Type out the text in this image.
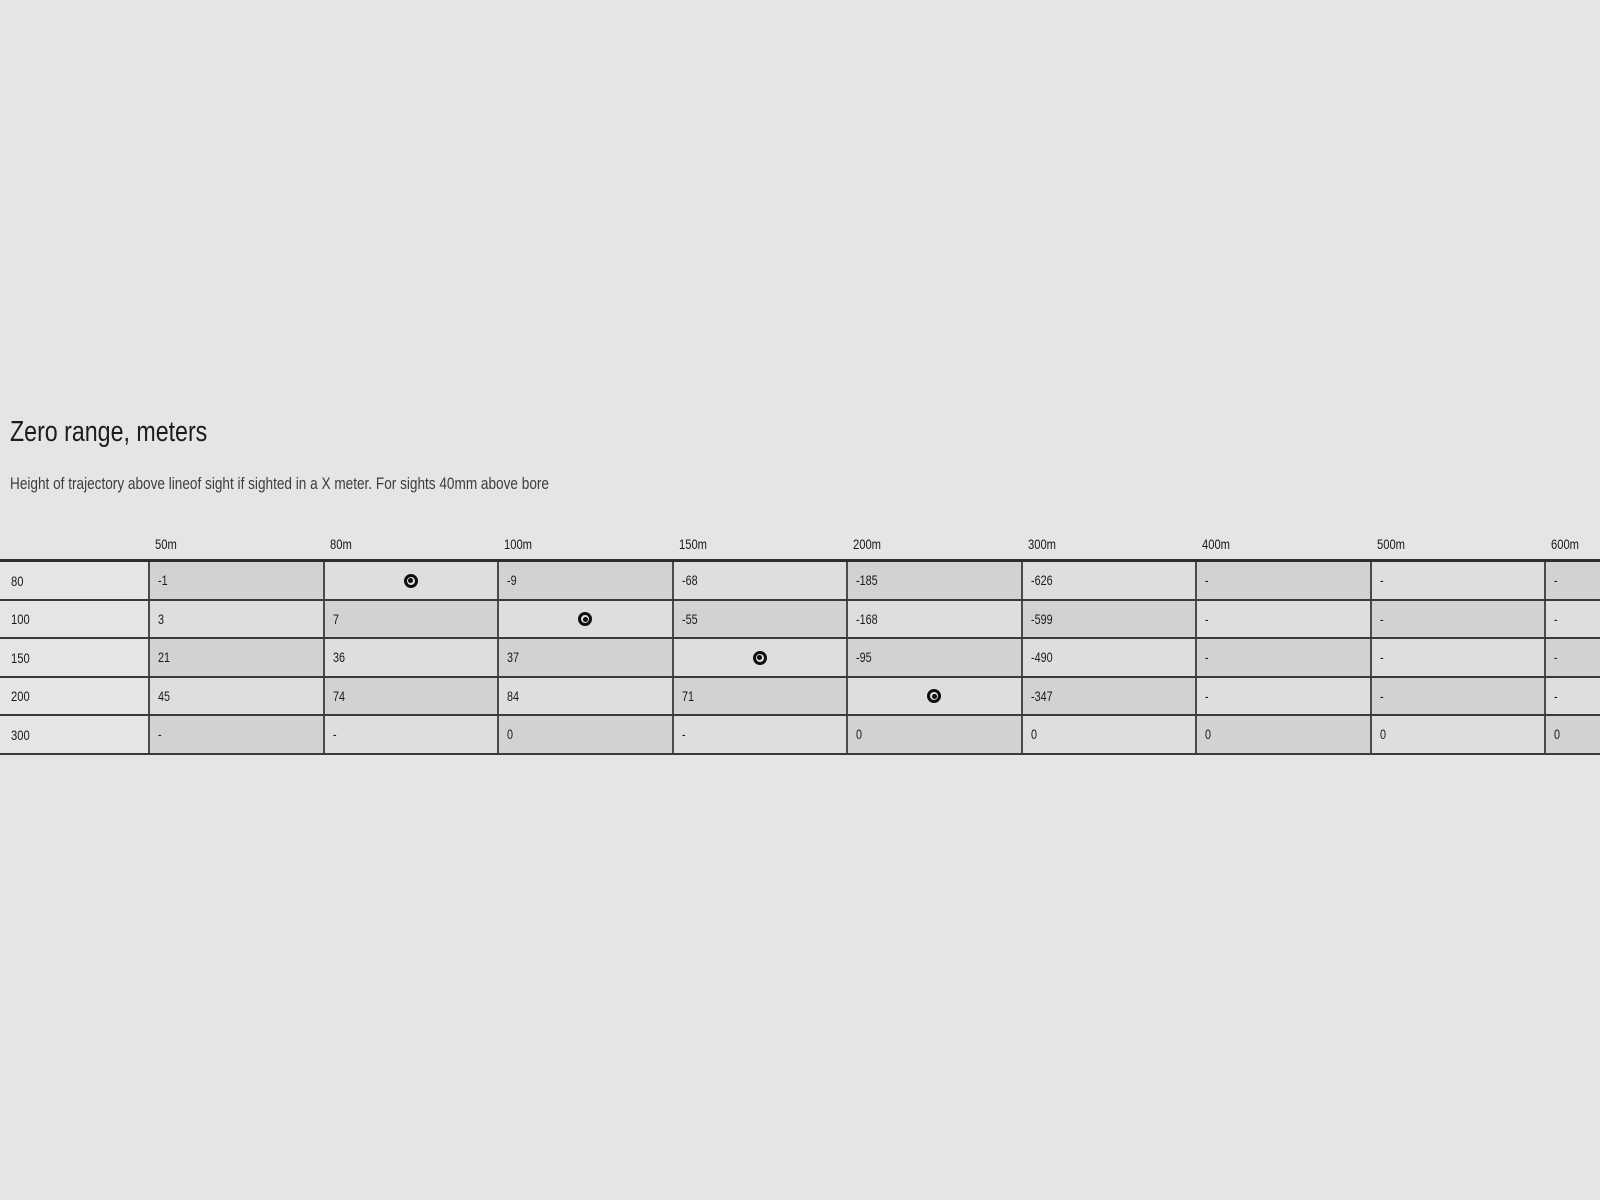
Zero range, meters

Height of trajectory above lineof sight if sighted in a X meter. For sights 40mm above bore

50m	80m	100m	150m	200m	300m	400m	500m	600m
80	-1	-9	-68	-185	-626	-	-	-
100	3	7	-55	-168	-599	-	-	-
150	21	36	37	-95	-490	-	-	-
200	45	74	84	71	-347	-	-	-
300	-	-	0	-	0	0	0	0	0
